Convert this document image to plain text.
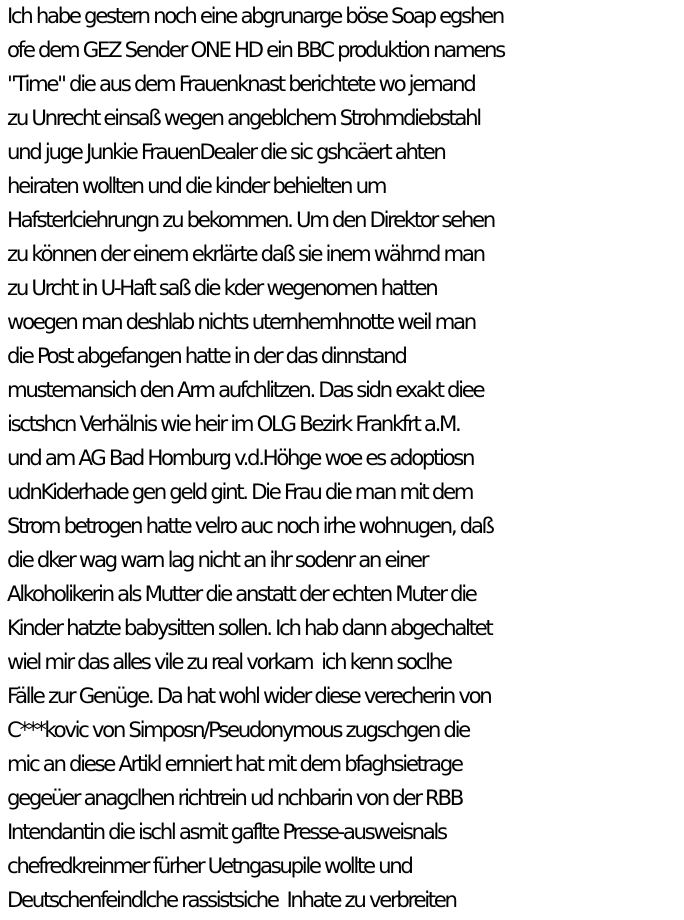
Ich habe gestern noch eine abgrunarge böse Soap egshen
ofe dem GEZ Sender ONE HD ein BBC produktion namens
"Time" die aus dem Frauenknast berichtete wo jemand
zu Unrecht einsaß wegen angeblchem Strohmdiebstahl
und juge Junkie FrauenDealer die sic gshcäert ahten
heiraten wollten und die kinder behielten um
Hafsterlciehrungn zu bekommen. Um den Direktor sehen
zu können der einem ekrlärte daß sie inem währnd man
zu Urcht in U-Haft saß die kder wegenomen hatten
woegen man deshlab nichts uternhemhnotte weil man
die Post abgefangen hatte in der das dinnstand
mustemansich den Arm aufchlitzen. Das sidn exakt diee
isctshcn Verhälnis wie heir im OLG Bezirk Frankfrt a.M.
und am AG Bad Homburg v.d.Höhge woe es adoptiosn
udnKiderhade gen geld gint. Die Frau die man mit dem
Strom betrogen hatte velro auc noch irhe wohnugen, daß
die dker wag warn lag nicht an ihr sodenr an einer
Alkoholikerin als Mutter die anstatt der echten Muter die
Kinder hatzte babysitten sollen. Ich hab dann abgechaltet
wiel mir das alles vile zu real vorkam  ich kenn soclhe
Fälle zur Genüge. Da hat wohl wider diese verecherin von
C***kovic von Simposn/Pseudonymous zugschgen die
mic an diese Artikl ernniert hat mit dem bfaghsietrage
gegeüer anagclhen richtrein ud nchbarin von der RBB
Intendantin die ischl asmit gaflte Presse-ausweisnals
chefredkreinmer fürher Uetngasupile wollte und
Deutschenfeindlche rassistsiche  Inhate zu verbreiten
